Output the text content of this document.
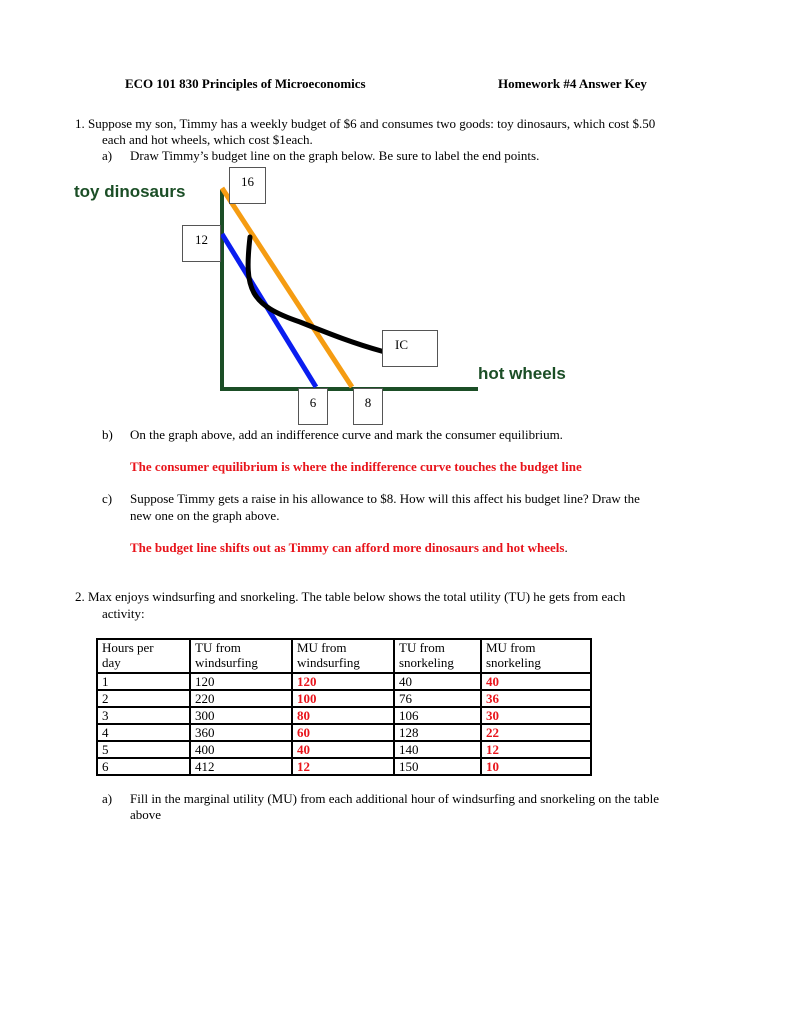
ECO 101 830 Principles of Microeconomics	Homework #4 Answer Key
1. Suppose my son, Timmy has a weekly budget of $6 and consumes two goods: toy dinosaurs, which cost $.50
each and hot wheels, which cost $1each.
a) Draw Timmy’s budget line on the graph below. Be sure to label the end points.
toy dinosaurs
hot wheels
16
12
6	8
IC
b) On the graph above, add an indifference curve and mark the consumer equilibrium.
The consumer equilibrium is where the indifference curve touches the budget line
c) Suppose Timmy gets a raise in his allowance to $8. How will this affect his budget line? Draw the
new one on the graph above.
The budget line shifts out as Timmy can afford more dinosaurs and hot wheels.
2. Max enjoys windsurfing and snorkeling. The table below shows the total utility (TU) he gets from each
activity:
Hours per
day	TU from
windsurfing	MU from
windsurfing	TU from
snorkeling	MU from
snorkeling
1	120	120	40	40
2	220	100	76	36
3	300	80	106	30
4	360	60	128	22
5	400	40	140	12
6	412	12	150	10
a) Fill in the marginal utility (MU) from each additional hour of windsurfing and snorkeling on the table
above
